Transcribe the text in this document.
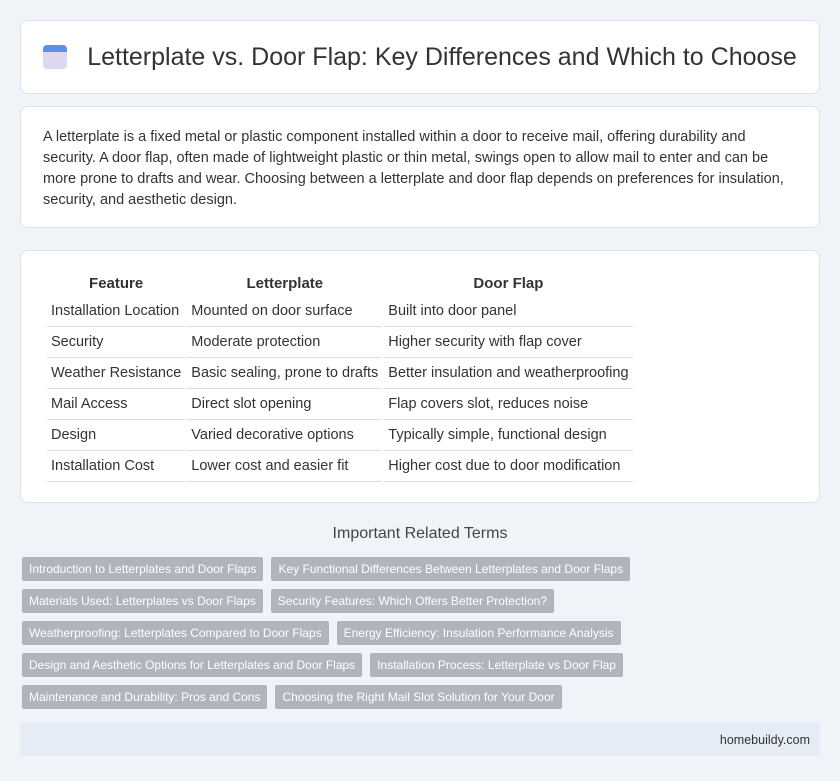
Letterplate vs. Door Flap: Key Differences and Which to Choose
A letterplate is a fixed metal or plastic component installed within a door to receive mail, offering durability and security. A door flap, often made of lightweight plastic or thin metal, swings open to allow mail to enter and can be more prone to drafts and wear. Choosing between a letterplate and door flap depends on preferences for insulation, security, and aesthetic design.
Feature	Letterplate	Door Flap
Installation Location	Mounted on door surface	Built into door panel
Security	Moderate protection	Higher security with flap cover
Weather Resistance	Basic sealing, prone to drafts	Better insulation and weatherproofing
Mail Access	Direct slot opening	Flap covers slot, reduces noise
Design	Varied decorative options	Typically simple, functional design
Installation Cost	Lower cost and easier fit	Higher cost due to door modification
Important Related Terms
Introduction to Letterplates and Door Flaps	Key Functional Differences Between Letterplates and Door Flaps
Materials Used: Letterplates vs Door Flaps	Security Features: Which Offers Better Protection?
Weatherproofing: Letterplates Compared to Door Flaps	Energy Efficiency: Insulation Performance Analysis
Design and Aesthetic Options for Letterplates and Door Flaps	Installation Process: Letterplate vs Door Flap
Maintenance and Durability: Pros and Cons	Choosing the Right Mail Slot Solution for Your Door
homebuildy.com
